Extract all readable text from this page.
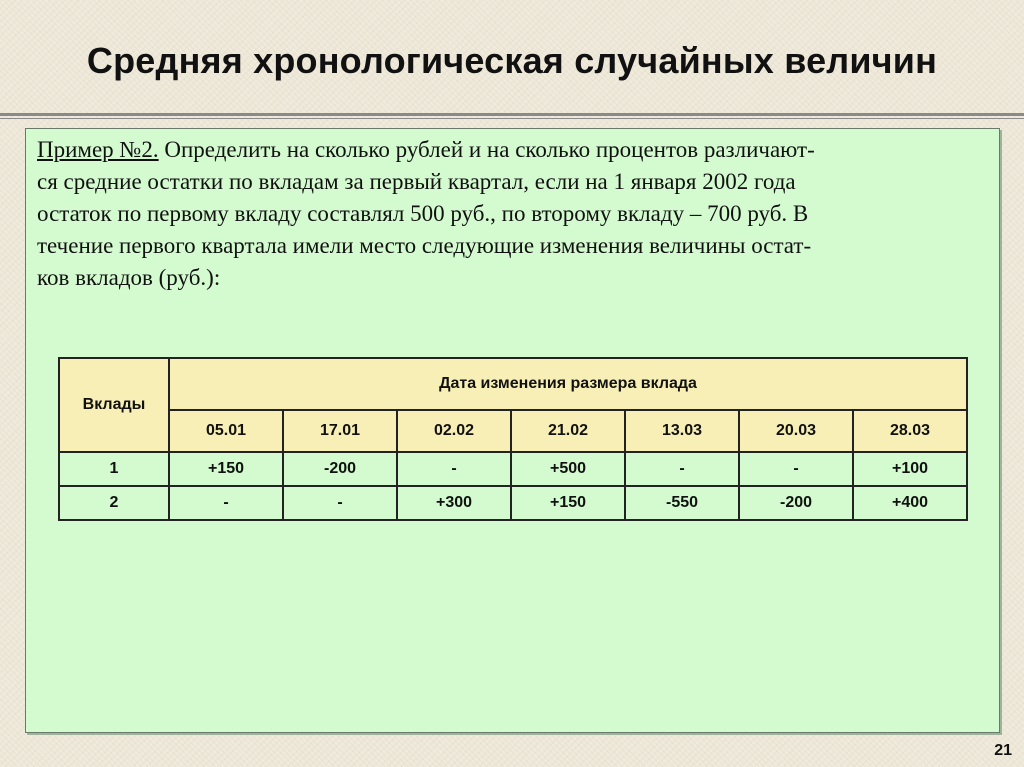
Средняя хронологическая случайных величин
Пример №2. Определить на сколько рублей и на сколько процентов различают-
ся средние остатки по вкладам за первый квартал, если на 1 января 2002 года
остаток по первому вкладу составлял 500 руб., по второму вкладу – 700 руб. В
течение первого квартала имели место следующие изменения величины остат-
ков вкладов (руб.):
Вклады	Дата изменения размера вклада						
	05.01	17.01	02.02	21.02	13.03	20.03	28.03
1	+150	-200	-	+500	-	-	+100
2	-	-	+300	+150	-550	-200	+400
21
